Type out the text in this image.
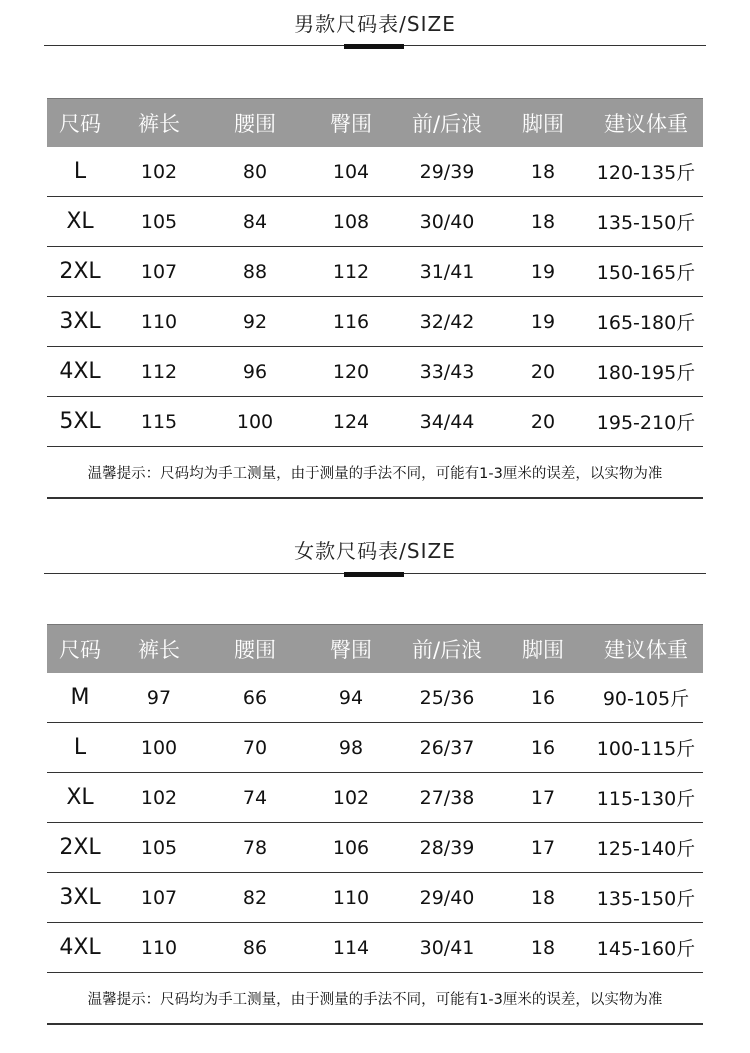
男款尺码表/SIZE
尺码	裤长	腰围	臀围	前/后浪	脚围	建议体重
L	102	80	104	29/39	18	120-135斤
XL	105	84	108	30/40	18	135-150斤
2XL	107	88	112	31/41	19	150-165斤
3XL	110	92	116	32/42	19	165-180斤
4XL	112	96	120	33/43	20	180-195斤
5XL	115	100	124	34/44	20	195-210斤
温馨提示：尺码均为手工测量，由于测量的手法不同，可能有1-3厘米的误差，以实物为准						
女款尺码表/SIZE
尺码	裤长	腰围	臀围	前/后浪	脚围	建议体重
M	97	66	94	25/36	16	90-105斤
L	100	70	98	26/37	16	100-115斤
XL	102	74	102	27/38	17	115-130斤
2XL	105	78	106	28/39	17	125-140斤
3XL	107	82	110	29/40	18	135-150斤
4XL	110	86	114	30/41	18	145-160斤
温馨提示：尺码均为手工测量，由于测量的手法不同，可能有1-3厘米的误差，以实物为准						
